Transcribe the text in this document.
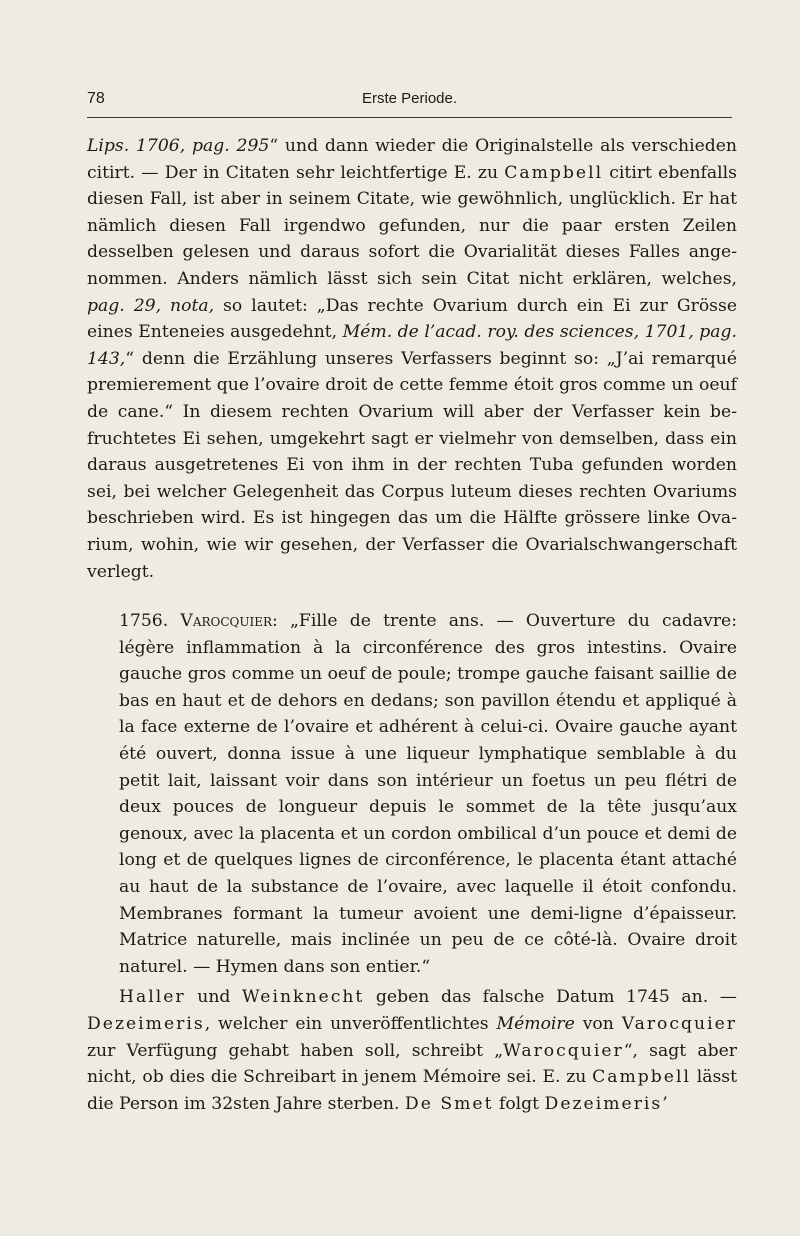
78	Erste Periode.

Lips. 1706, pag. 295“ und dann wieder die Originalstelle als verschieden citirt. — Der in Citaten sehr leichtfertige E. zu Campbell citirt ebenfalls diesen Fall, ist aber in seinem Citate, wie gewöhnlich, unglücklich. Er hat nämlich diesen Fall irgendwo gefunden, nur die paar ersten Zeilen desselben gelesen und daraus sofort die Ovarialität dieses Falles angenommen. Anders nämlich lässt sich sein Citat nicht erklären, welches, pag. 29, nota, so lautet: „Das rechte Ovarium durch ein Ei zur Grösse eines Enteneies ausgedehnt, Mém. de l’acad. roy. des sciences, 1701, pag. 143,“ denn die Erzählung unseres Verfassers beginnt so: „J’ai remarqué premierement que l’ovaire droit de cette femme étoit gros comme un oeuf de cane.“ In diesem rechten Ovarium will aber der Verfasser kein befruchtetes Ei sehen, umgekehrt sagt er vielmehr von demselben, dass ein daraus ausgetretenes Ei von ihm in der rechten Tuba gefunden worden sei, bei welcher Gelegenheit das Corpus luteum dieses rechten Ovariums beschrieben wird. Es ist hingegen das um die Hälfte grössere linke Ovarium, wohin, wie wir gesehen, der Verfasser die Ovarialschwangerschaft verlegt.

1756. Varocquier: „Fille de trente ans. — Ouverture du cadavre: légère inflammation à la circonférence des gros intestins. Ovaire gauche gros comme un oeuf de poule; trompe gauche faisant saillie de bas en haut et de dehors en dedans; son pavillon étendu et appliqué à la face externe de l’ovaire et adhérent à celui-ci. Ovaire gauche ayant été ouvert, donna issue à une liqueur lymphatique semblable à du petit lait, laissant voir dans son intérieur un foetus un peu flétri de deux pouces de longueur depuis le sommet de la tête jusqu’aux genoux, avec la placenta et un cordon ombilical d’un pouce et demi de long et de quelques lignes de circonférence, le placenta étant attaché au haut de la substance de l’ovaire, avec laquelle il étoit confondu. Membranes formant la tumeur avoient une demi-ligne d’épaisseur. Matrice naturelle, mais inclinée un peu de ce côté-là. Ovaire droit naturel. — Hymen dans son entier.“

Haller und Weinknecht geben das falsche Datum 1745 an. — Dezeimeris, welcher ein unveröffentlichtes Mémoire von Varocquier zur Verfügung gehabt haben soll, schreibt „Warocquier“, sagt aber nicht, ob dies die Schreibart in jenem Mémoire sei. E. zu Campbell lässt die Person im 32sten Jahre sterben. De Smet folgt Dezeimeris’
